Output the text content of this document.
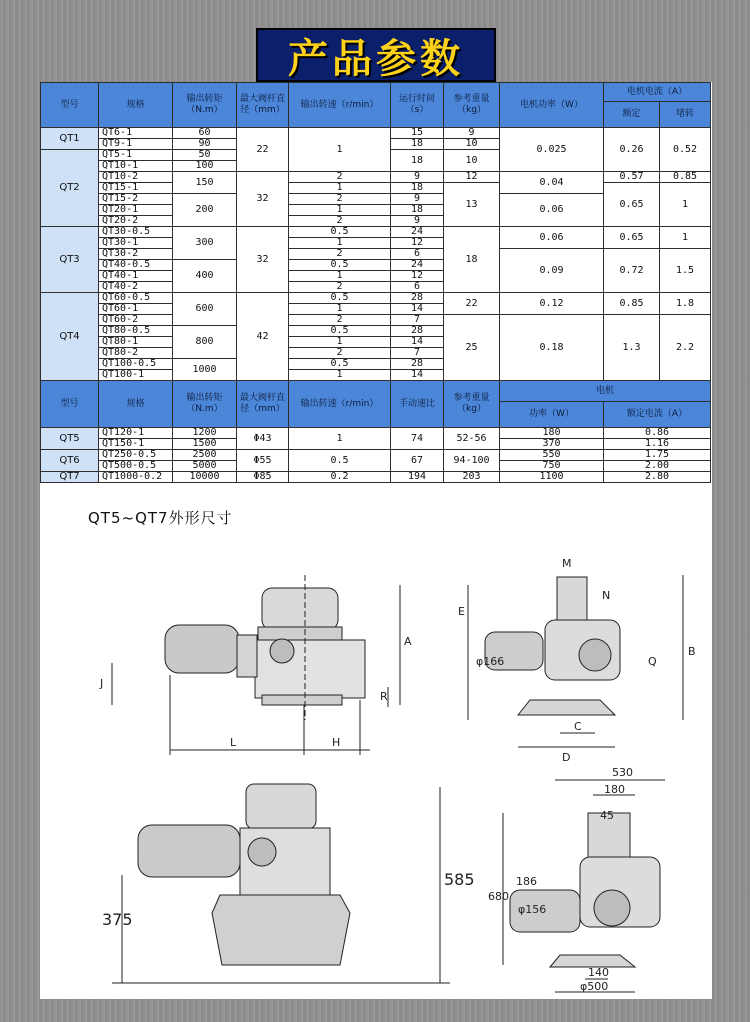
产品参数
型号	规格	输出转矩（N.m）	最大阀杆直径（mm）	输出转速（r/min）	运行时间（s）	参考重量（kg）	电机功率（W）	电机电流（A）	
								额定	堵转
QT1	QT6-1	60	22	1	15	9	0.025	0.26	0.52
	QT9-1	90			18	10			
QT2	QT5-1	50			18	10			
	QT10-1	100							
	QT10-2	150	32	2	9	12	0.04	0.57	0.85
	QT15-1			1	18	13		0.65	1
	QT15-2	200		2	9		0.06		
	QT20-1			1	18				
	QT20-2			2	9				
QT3	QT30-0.5	300	32	0.5	24	18	0.06	0.65	1
	QT30-1			1	12				
	QT30-2			2	6		0.09	0.72	1.5
	QT40-0.5	400		0.5	24				
	QT40-1			1	12				
	QT40-2			2	6				
QT4	QT60-0.5	600	42	0.5	28	22	0.12	0.85	1.8
	QT60-1			1	14				
	QT60-2			2	7	25	0.18	1.3	2.2
	QT80-0.5	800		0.5	28				
	QT80-1			1	14				
	QT80-2			2	7				
	QT100-0.5	1000		0.5	28				
	QT100-1			1	14				
型号	规格	输出转矩（N.m）	最大阀杆直径（mm）	输出转速（r/min）	手动速比	参考重量（kg）	电机	
							功率（W）	额定电流（A）
QT5	QT120-1	1200	Φ43	1	74	52-56	180	0.86
	QT150-1	1500					370	1.16
QT6	QT250-0.5	2500	Φ55	0.5	67	94-100	550	1.75
	QT500-0.5	5000					750	2.00
QT7	QT1000-0.2	10000	Φ85	0.2	194	203	1100	2.80
QT5~QT7外形尺寸
J
L	H
A
R
M
E
N
φ166	Q
B
C
D
375
585
530
180
45
680
186
φ156
140
φ500
